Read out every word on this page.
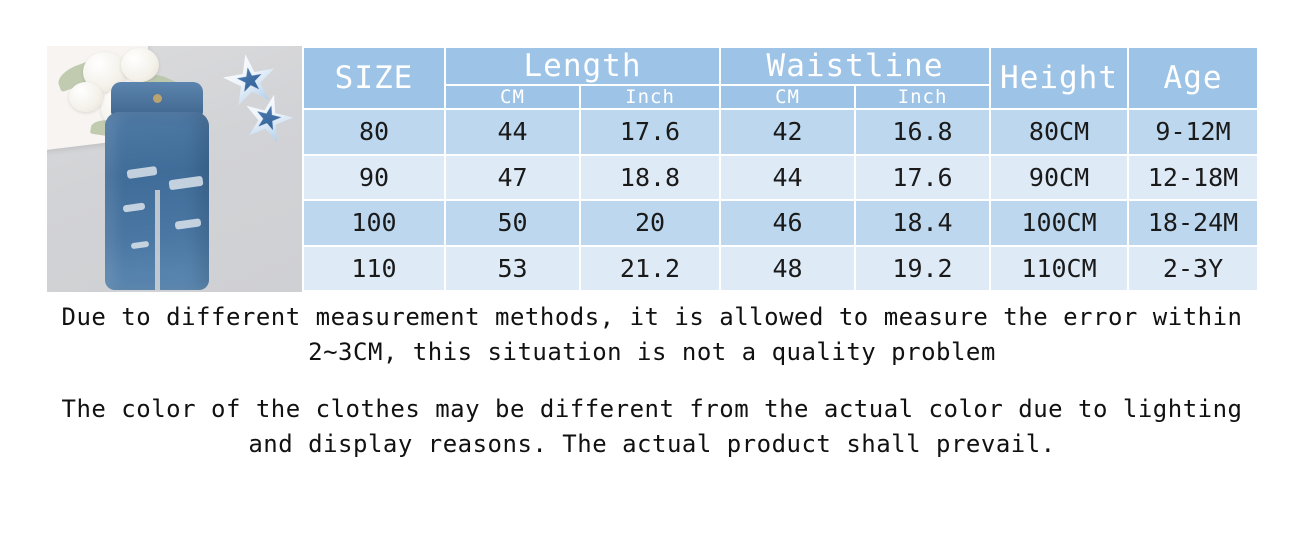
SIZE	Length		Waistline		Height	Age
	CM	Inch	CM	Inch		
80	44	17.6	42	16.8	80CM	9-12M
90	47	18.8	44	17.6	90CM	12-18M
100	50	20	46	18.4	100CM	18-24M
110	53	21.2	48	19.2	110CM	2-3Y
Due to different measurement methods, it is allowed to measure the error within
2~3CM, this situation is not a quality problem
The color of the clothes may be different from the actual color due to lighting
and display reasons. The actual product shall prevail.
